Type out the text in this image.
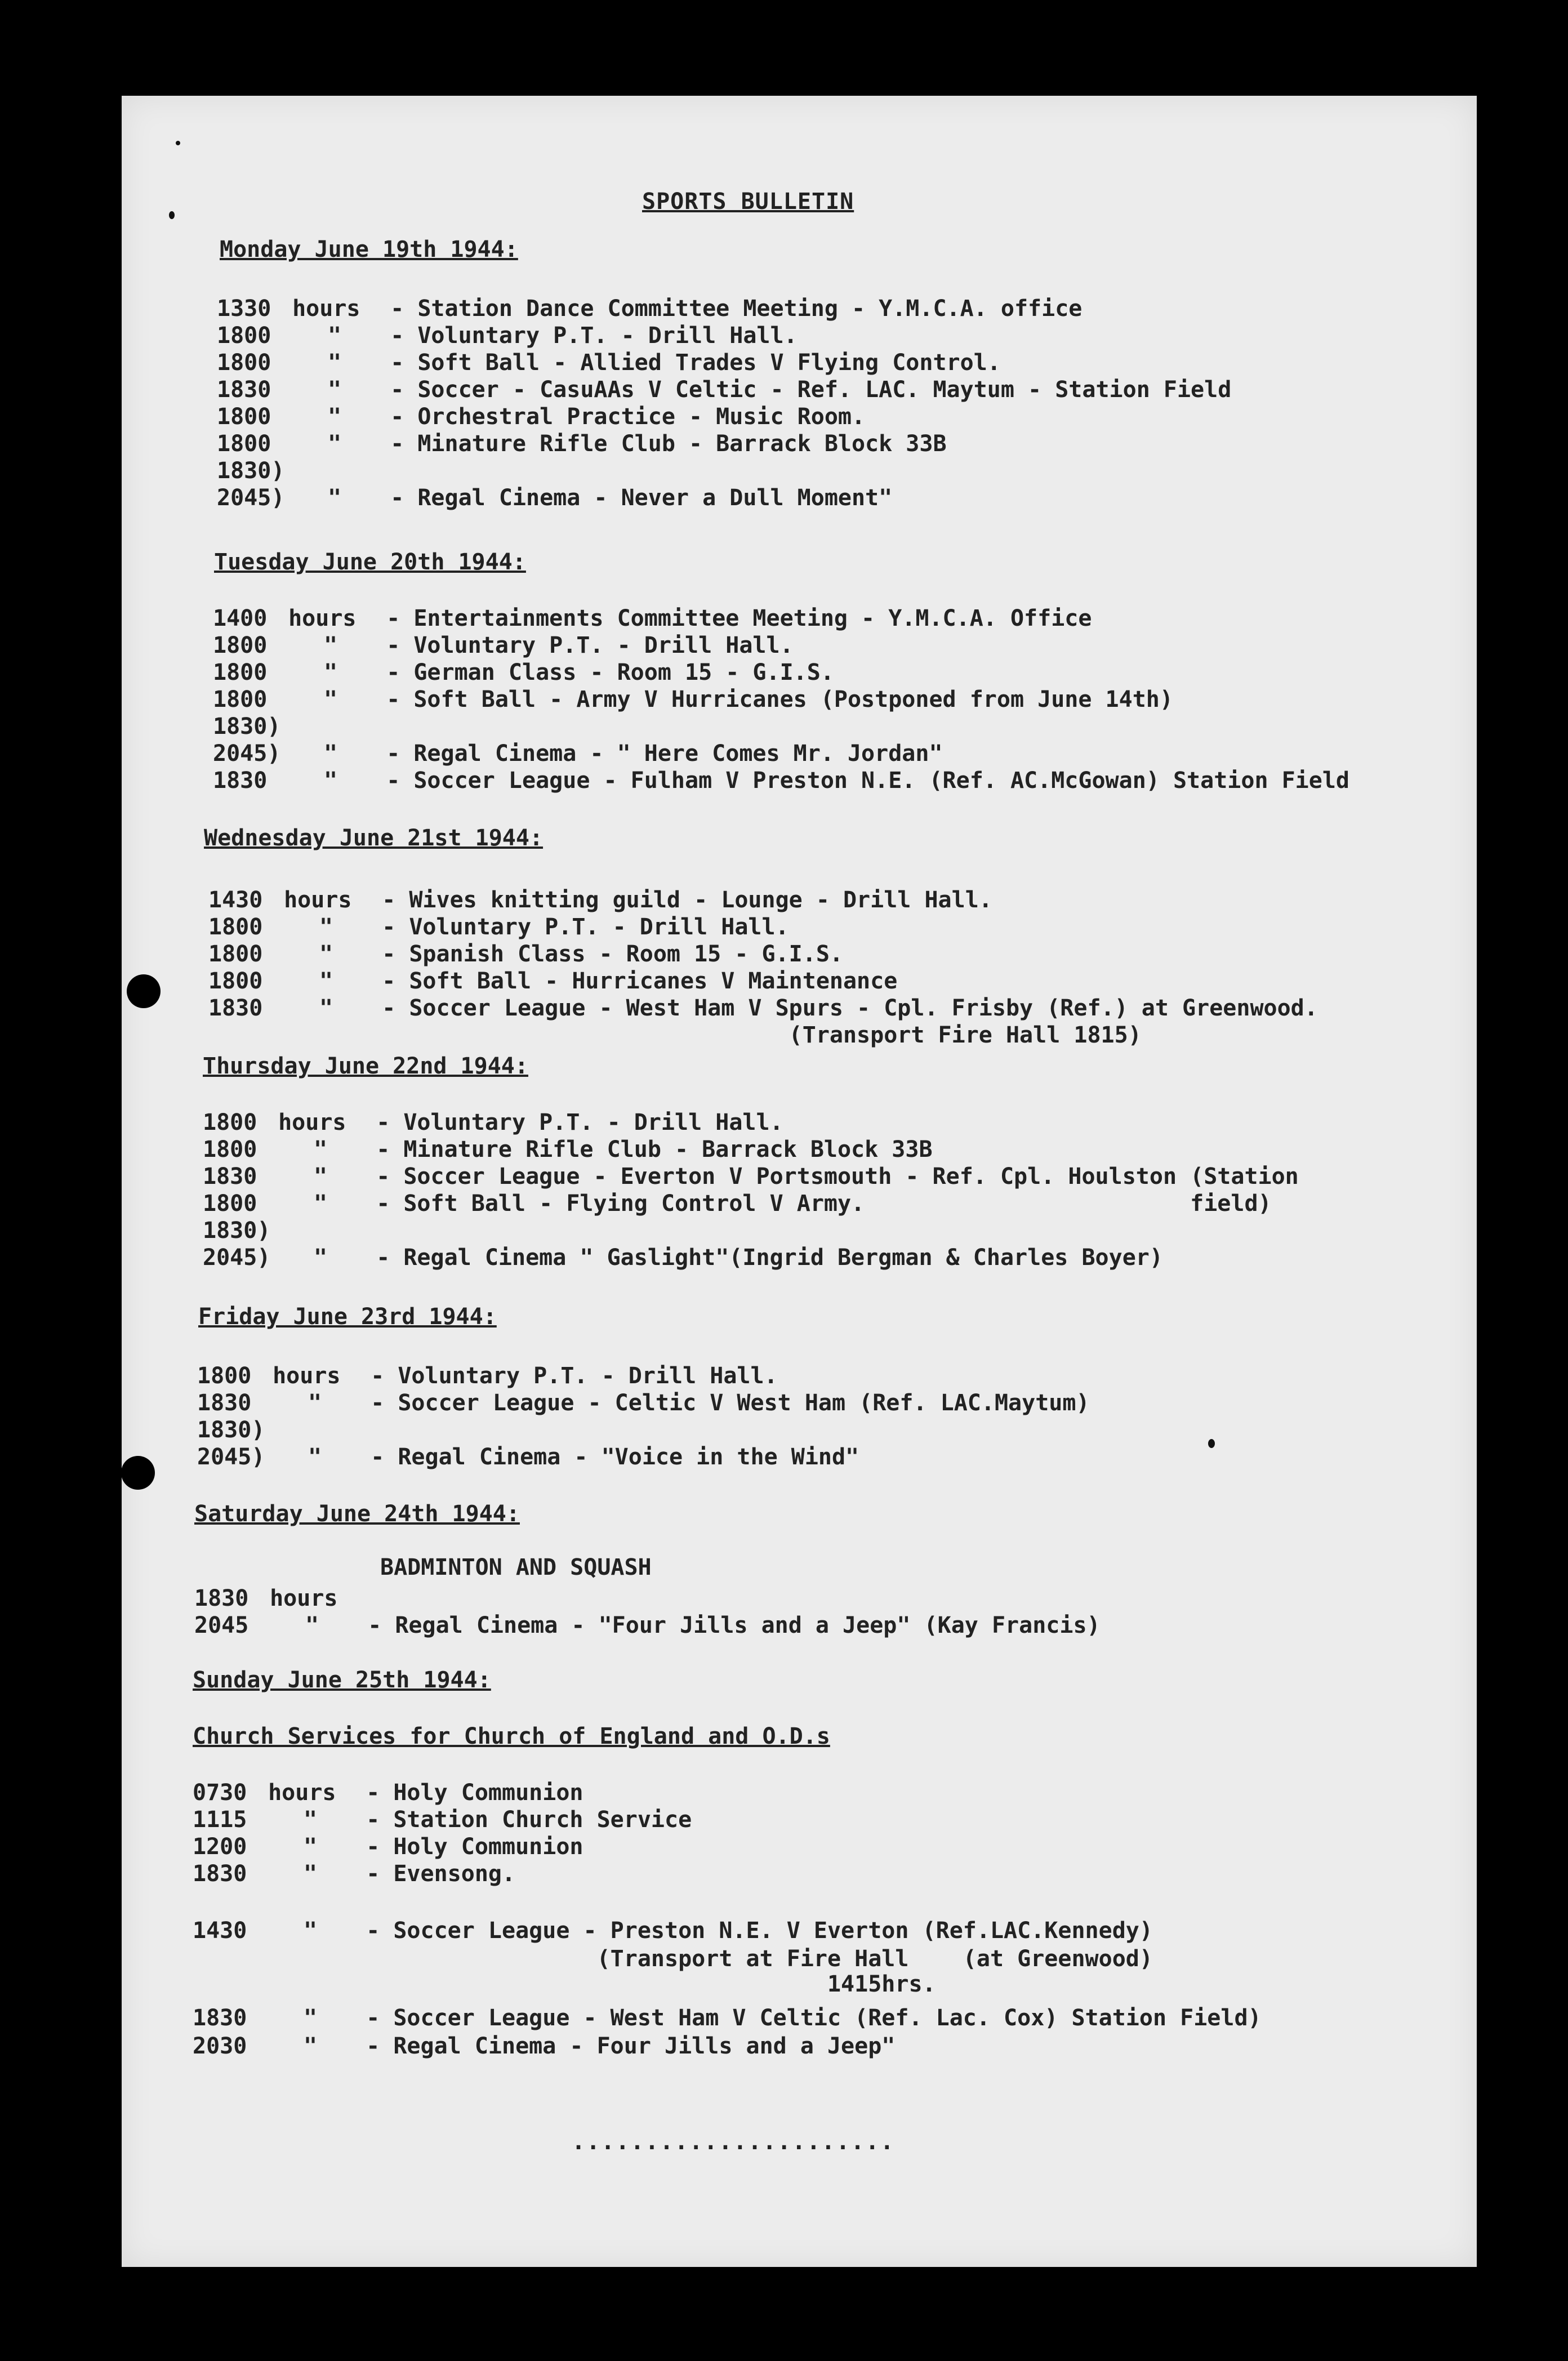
SPORTS BULLETIN
Monday June 19th 1944:
1330 hours - Station Dance Committee Meeting - Y.M.C.A. office
1800	" - Voluntary P.T. - Drill Hall.
1800	" - Soft Ball - Allied Trades V Flying Control.
1830	" - Soccer - CasuAAs V Celtic - Ref. LAC. Maytum - Station Field
1800	" - Orchestral Practice - Music Room.
1800	" - Minature Rifle Club - Barrack Block 33B
1830)
2045) " - Regal Cinema - Never a Dull Moment"
Tuesday June 20th 1944:
1400 hours - Entertainments Committee Meeting - Y.M.C.A. Office
1800	" - Voluntary P.T. - Drill Hall.
1800	" - German Class - Room 15 - G.I.S.
1800	" - Soft Ball - Army V Hurricanes (Postponed from June 14th)
1830)
2045) " - Regal Cinema - " Here Comes Mr. Jordan"
1830	" - Soccer League - Fulham V Preston N.E. (Ref. AC.McGowan) Station Field
Wednesday June 21st 1944:
1430 hours - Wives knitting guild - Lounge - Drill Hall.
1800	" - Voluntary P.T. - Drill Hall.
1800	" - Spanish Class - Room 15 - G.I.S.
1800	" - Soft Ball - Hurricanes V Maintenance
1830	" - Soccer League - West Ham V Spurs - Cpl. Frisby (Ref.) at Greenwood.
(Transport Fire Hall 1815)
Thursday June 22nd 1944:
1800 hours - Voluntary P.T. - Drill Hall.
1800	" - Minature Rifle Club - Barrack Block 33B
1830	" - Soccer League - Everton V Portsmouth - Ref. Cpl. Houlston (Station
1800	" - Soft Ball - Flying Control V Army.                        field)
1830)
2045) " - Regal Cinema " Gaslight"(Ingrid Bergman & Charles Boyer)
Friday June 23rd 1944:
1800 hours - Voluntary P.T. - Drill Hall.
1830	" - Soccer League - Celtic V West Ham (Ref. LAC.Maytum)
1830)
2045) " - Regal Cinema - "Voice in the Wind"
Saturday June 24th 1944:
BADMINTON AND SQUASH
1830 hours
2045	" - Regal Cinema - "Four Jills and a Jeep" (Kay Francis)
Sunday June 25th 1944:
Church Services for Church of England and O.D.s
0730 hours - Holy Communion
1115	" - Station Church Service
1200	" - Holy Communion
1830	" - Evensong.

1430	" - Soccer League - Preston N.E. V Everton (Ref.LAC.Kennedy)
(Transport at Fire Hall    (at Greenwood)
1415hrs.
1830	" - Soccer League - West Ham V Celtic (Ref. Lac. Cox) Station Field)
2030	" - Regal Cinema - Four Jills and a Jeep"
......................
